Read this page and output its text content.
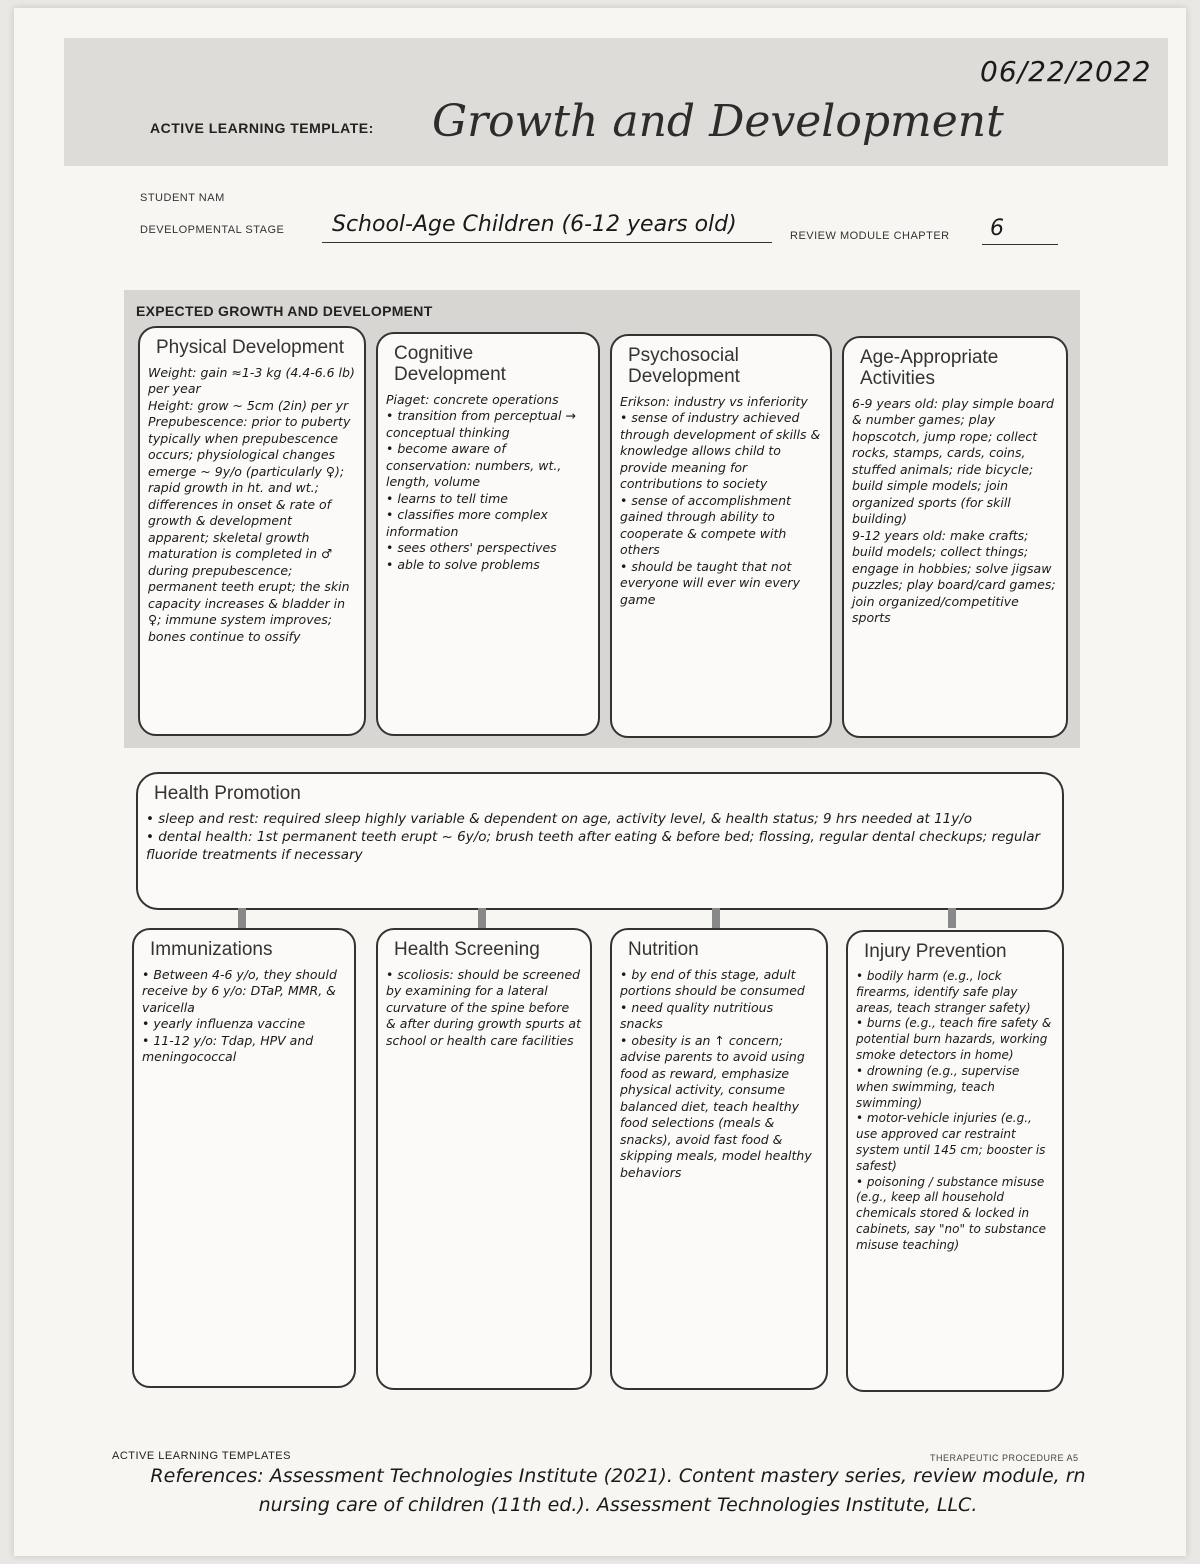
06/22/2022
ACTIVE LEARNING TEMPLATE: Growth and Development
STUDENT NAM
DEVELOPMENTAL STAGE School-Age Children (6-12 years old)	REVIEW MODULE CHAPTER 6
EXPECTED GROWTH AND DEVELOPMENT
Physical Development
Weight: gain ≈1-3 kg (4.4-6.6 lb) per year
Height: grow ~ 5cm (2in) per yr
Prepubescence: prior to puberty typically when prepubescence occurs; physiological changes emerge ~ 9y/o (particularly ♀); rapid growth in ht. and wt.; differences in onset & rate of growth & development apparent; skeletal growth maturation is completed in ♂ during prepubescence; permanent teeth erupt; the skin capacity increases & bladder in ♀; immune system improves; bones continue to ossify
Cognitive Development
Piaget: concrete operations
• transition from perceptual → conceptual thinking
• become aware of conservation: numbers, wt., length, volume
• learns to tell time
• classifies more complex information
• sees others' perspectives
• able to solve problems
Psychosocial Development
Erikson: industry vs inferiority
• sense of industry achieved through development of skills & knowledge allows child to provide meaning for contributions to society
• sense of accomplishment gained through ability to cooperate & compete with others
• should be taught that not everyone will ever win every game
Age-Appropriate Activities
6-9 years old: play simple board & number games; play hopscotch, jump rope; collect rocks, stamps, cards, coins, stuffed animals; ride bicycle; build simple models; join organized sports (for skill building)
9-12 years old: make crafts; build models; collect things; engage in hobbies; solve jigsaw puzzles; play board/card games; join organized/competitive sports
Health Promotion
• sleep and rest: required sleep highly variable & dependent on age, activity level, & health status; 9 hrs needed at 11y/o
• dental health: 1st permanent teeth erupt ~ 6y/o; brush teeth after eating & before bed; flossing, regular dental checkups; regular fluoride treatments if necessary
Immunizations
• Between 4-6 y/o, they should receive by 6 y/o: DTaP, MMR, & varicella
• yearly influenza vaccine
• 11-12 y/o: Tdap, HPV and meningococcal
Health Screening
• scoliosis: should be screened by examining for a lateral curvature of the spine before & after during growth spurts at school or health care facilities
Nutrition
• by end of this stage, adult portions should be consumed
• need quality nutritious snacks
• obesity is an ↑ concern; advise parents to avoid using food as reward, emphasize physical activity, consume balanced diet, teach healthy food selections (meals & snacks), avoid fast food & skipping meals, model healthy behaviors
Injury Prevention
• bodily harm (e.g., lock firearms, identify safe play areas, teach stranger safety)
• burns (e.g., teach fire safety & potential burn hazards, working smoke detectors in home)
• drowning (e.g., supervise when swimming, teach swimming)
• motor-vehicle injuries (e.g., use approved car restraint system until 145 cm; booster is safest)
• poisoning / substance misuse (e.g., keep all household chemicals stored & locked in cabinets, say "no" to substance misuse teaching)
ACTIVE LEARNING TEMPLATES	THERAPEUTIC PROCEDURE A5
References: Assessment Technologies Institute (2021). Content mastery series, review module, rn nursing care of children (11th ed.). Assessment Technologies Institute, LLC.
